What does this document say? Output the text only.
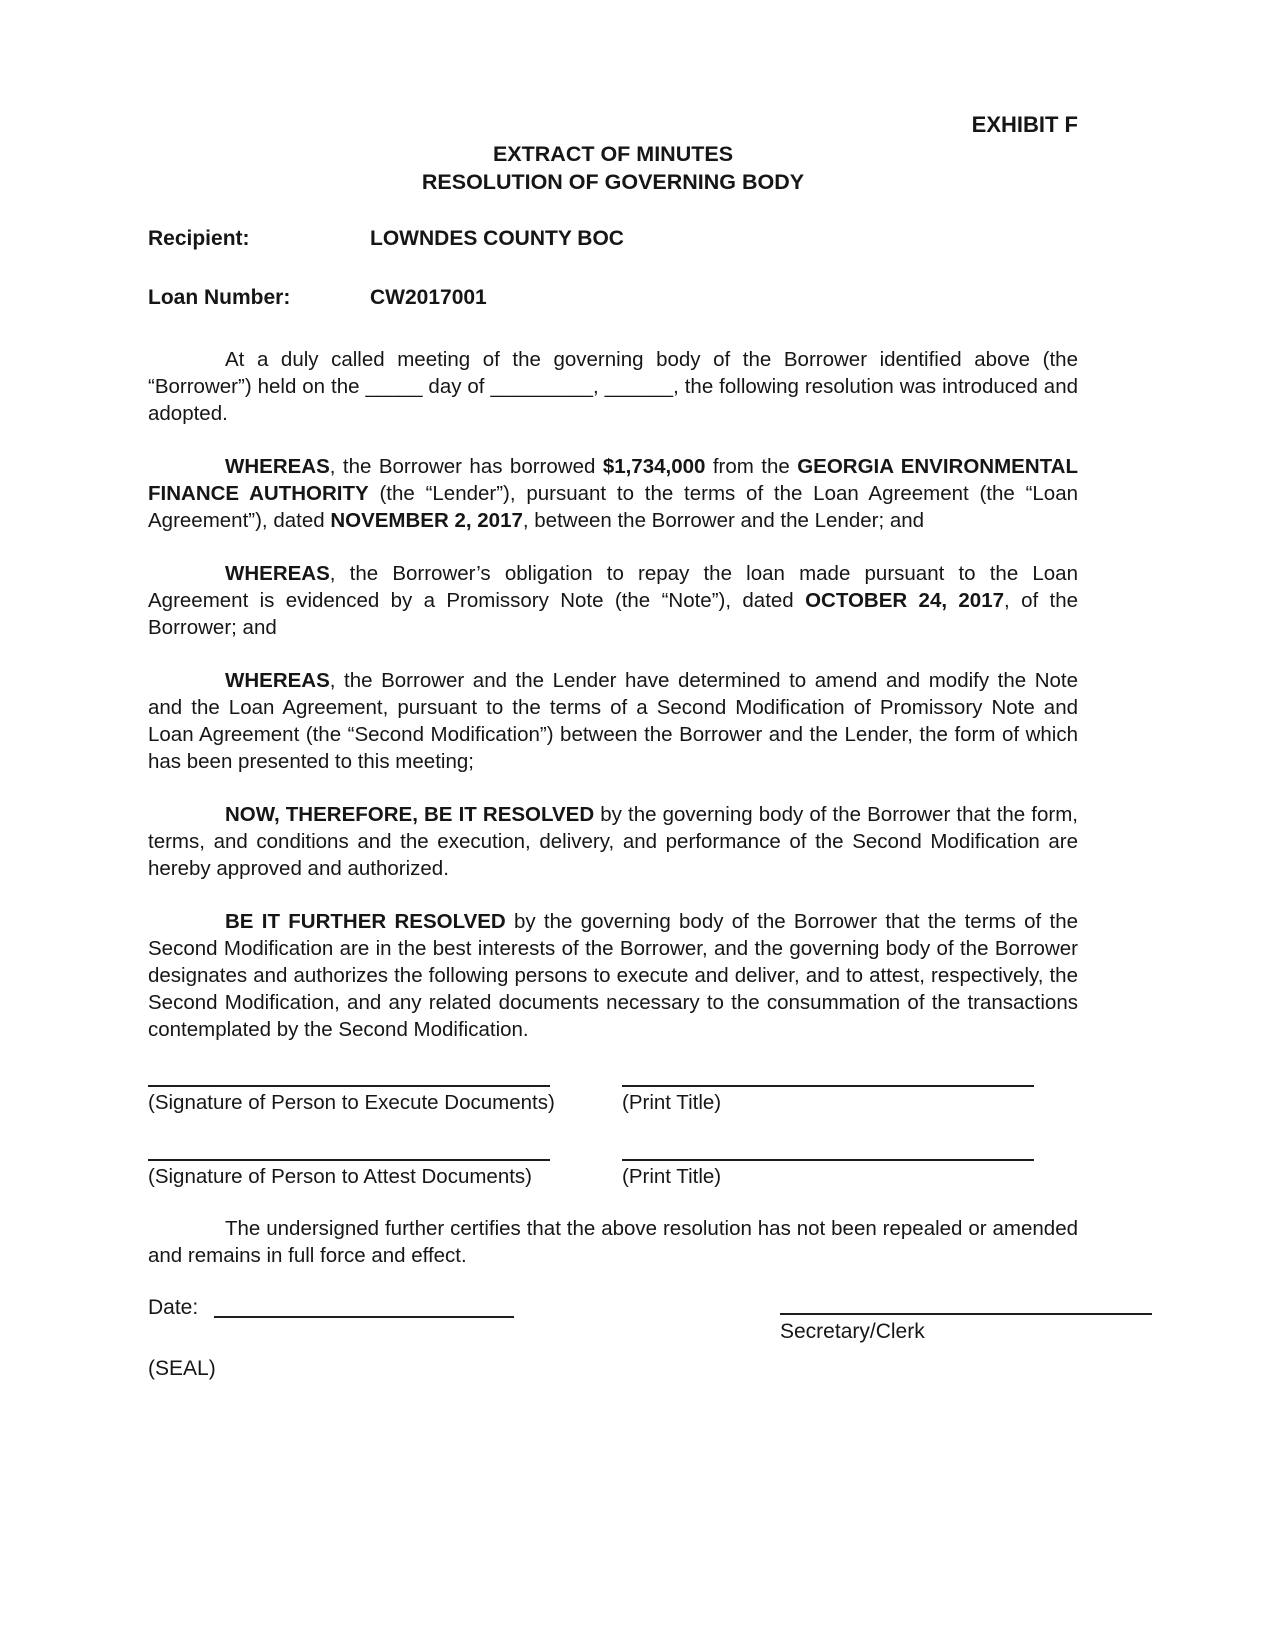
EXHIBIT F
EXTRACT OF MINUTES
RESOLUTION OF GOVERNING BODY
Recipient:	LOWNDES COUNTY BOC
Loan Number:	CW2017001

At a duly called meeting of the governing body of the Borrower identified above (the “Borrower”) held on the _____ day of _________, ______, the following resolution was introduced and adopted.

WHEREAS, the Borrower has borrowed $1,734,000 from the GEORGIA ENVIRONMENTAL FINANCE AUTHORITY (the “Lender”), pursuant to the terms of the Loan Agreement (the “Loan Agreement”), dated NOVEMBER 2, 2017, between the Borrower and the Lender; and

WHEREAS, the Borrower’s obligation to repay the loan made pursuant to the Loan Agreement is evidenced by a Promissory Note (the “Note”), dated OCTOBER 24, 2017, of the Borrower; and

WHEREAS, the Borrower and the Lender have determined to amend and modify the Note and the Loan Agreement, pursuant to the terms of a Second Modification of Promissory Note and Loan Agreement (the “Second Modification”) between the Borrower and the Lender, the form of which has been presented to this meeting;

NOW, THEREFORE, BE IT RESOLVED by the governing body of the Borrower that the form, terms, and conditions and the execution, delivery, and performance of the Second Modification are hereby approved and authorized.

BE IT FURTHER RESOLVED by the governing body of the Borrower that the terms of the Second Modification are in the best interests of the Borrower, and the governing body of the Borrower designates and authorizes the following persons to execute and deliver, and to attest, respectively, the Second Modification, and any related documents necessary to the consummation of the transactions contemplated by the Second Modification.

(Signature of Person to Execute Documents)	(Print Title)
(Signature of Person to Attest Documents)	(Print Title)

The undersigned further certifies that the above resolution has not been repealed or amended and remains in full force and effect.

Date:
Secretary/Clerk
(SEAL)
